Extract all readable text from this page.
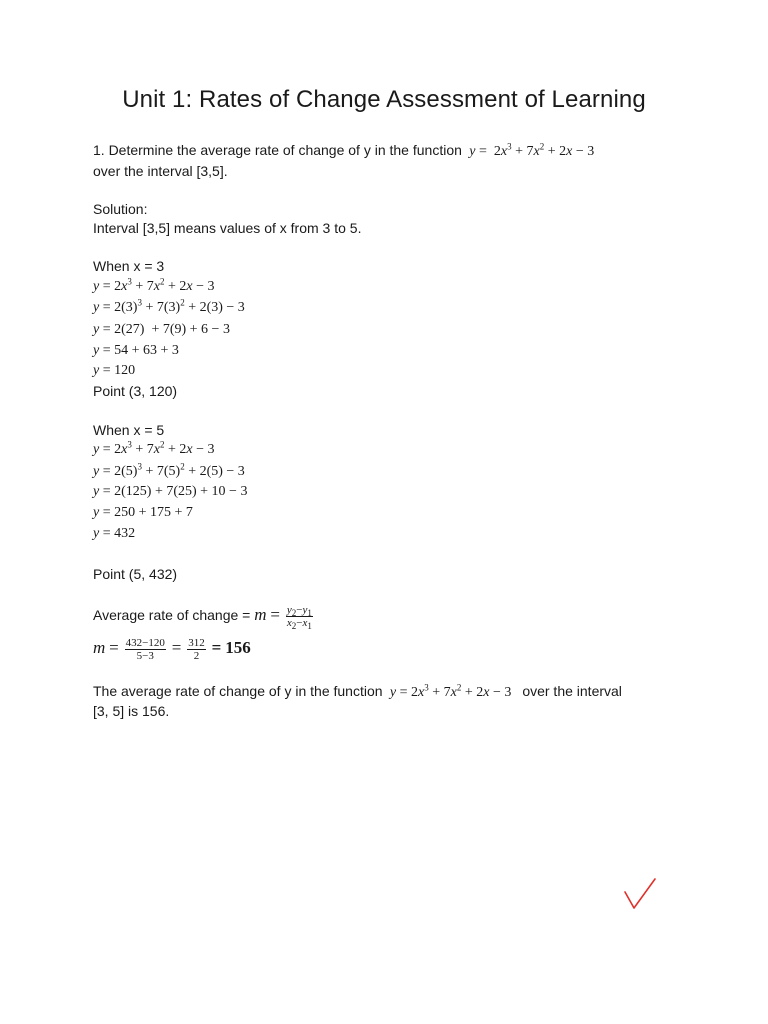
Unit 1: Rates of Change Assessment of Learning
1. Determine the average rate of change of y in the function $y = 2x^3 + 7x^2 + 2x - 3$
over the interval [3,5].
Solution:
Interval [3,5] means values of x from 3 to 5.
When x = 3
$y = 2x^3 + 7x^2 + 2x - 3$
$y = 2(3)^3 + 7(3)^2 + 2(3) - 3$
y = 2(27)  + 7(9) + 6 − 3
y = 54 + 63 + 3
y = 120
Point (3, 120)
When x = 5
$y = 2x^3 + 7x^2 + 2x - 3$
$y = 2(5)^3 + 7(5)^2 + 2(5) - 3$
y = 2(125) + 7(25) + 10 − 3
y = 250 + 175 + 7
y = 432
Point (5, 432)
Average rate of change = $m = \frac{y_2-y_1}{x_2-x_1}$
$m = \frac{432-120}{5-3} = \frac{312}{2} = 156$
The average rate of change of y in the function $y = 2x^3 + 7x^2 + 2x - 3$   over the interval
[3, 5] is 156.
